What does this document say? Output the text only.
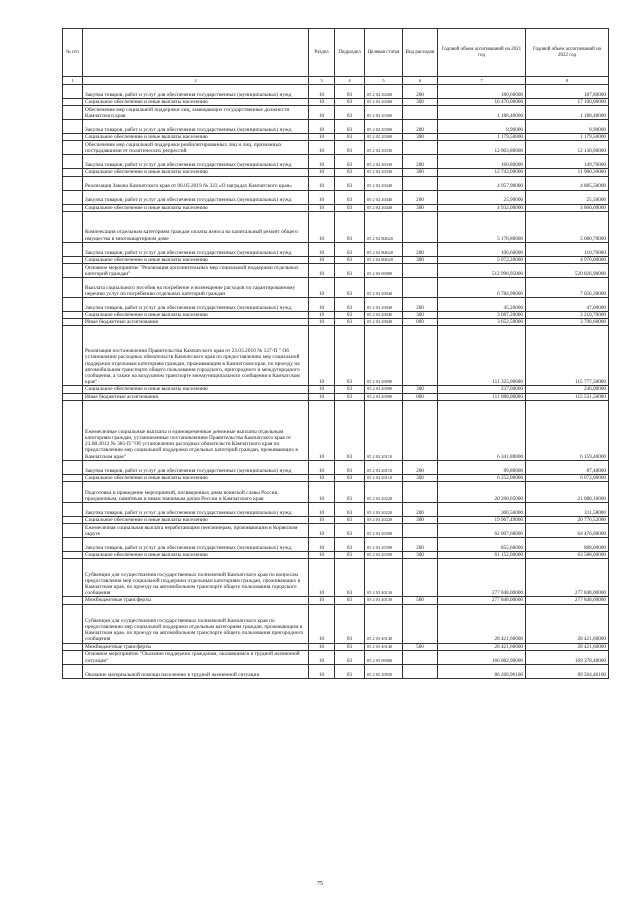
№ п/п		Раздел	Подраздел	Целевая статья	Вид расходов	Годовой объем ассигнований на 2021 год	Годовой объем ассигнований на 2022 год
1	2	3	4	5	6	7	8
	Закупка товаров, работ и услуг для обеспечения государственных (муниципальных) нужд	10	03	05 2 02 20260	200	180,60000	187,80000
	Социальное обеспечение и иные выплаты населению	10	03	05 2 02 20260	300	16 470,00000	17 100,00000
	Обеспечение мер социальной поддержки лиц, замещающих государственные должности Камчатского края	10	03	05 2 02 20300		1 188,40000	1 188,40000
	Закупка товаров, работ и услуг для обеспечения государственных (муниципальных) нужд	10	03	05 2 02 20300	200	8,90000	8,90000
	Социальное обеспечение и иные выплаты населению	10	03	05 2 02 20300	300	1 179,50000	1 179,50000
	Обеспечение мер социальной поддержки реабилитированных лиц и лиц, признанных пострадавшими от политических репрессий	10	03	05 2 02 20330		12 903,80000	12 130,00000
	Закупка товаров, работ и услуг для обеспечения государственных (муниципальных) нужд	10	03	05 2 02 20330	200	160,80000	149,70000
	Социальное обеспечение и иные выплаты населению	10	03	05 2 02 20330	300	12 743,00000	11 980,30000
	Реализация Закона Камчатского края от 06.05.2019 № 323 «О наградах Камчатского края»	10	03	05 2 02 20440		4 957,90000	4 885,50000
	Закупка товаров, работ и услуг для обеспечения государственных (муниципальных) нужд	10	03	05 2 02 20440	200	25,90000	25,50000
	Социальное обеспечение и иные выплаты населению	10	03	05 2 02 20440	300	4 932,00000	4 860,00000
	Компенсация отдельным категориям граждан оплаты взноса на капитальный ремонт общего имущества в многоквартирном доме	10	03	05 2 02 R4620		5 178,80000	5 080,70000
	Закупка товаров, работ и услуг для обеспечения государственных (муниципальных) нужд	10	03	05 2 02 R4620	200	106,60000	110,70000
	Социальное обеспечение и иные выплаты населению	10	03	05 2 02 R4620	300	5 072,20000	4 970,00000
	Основное мероприятие "Реализация дополнительных мер социальной поддержки отдельных категорий граждан"	10	03	05 2 03 00000		512 996,95000	520 826,90000
	Выплата социального пособия на погребение и возмещение расходов по гарантированному перечню услуг по погребению отдельных категорий граждан	10	03	05 2 03 20040		6 784,90000	7 056,30000
	Закупка товаров, работ и услуг для обеспечения государственных (муниципальных) нужд	10	03	05 2 03 20040	200	45,20000	47,00000
	Социальное обеспечение и иные выплаты населению	10	03	05 2 03 20040	300	3 087,20000	3 210,70000
	Иные бюджетные ассигнования	10	03	05 2 03 20040	800	3 652,50000	3 798,60000
	Реализация постановления Правительства Камчатского края от 23.03.2010 № 127-П " Об установлении расходных обязательств Камчатского края по предоставлению мер социальной поддержки отдельным категориям граждан, проживающим в Камчатском крае, по проезду на автомобильном транспорте общего пользования городского, пригородного и междугородного сообщения, а также на воздушном транспорте межмуниципального сообщения в Камчатском крае"	10	03	05 2 03 20090		111 325,00000	115 777,50000
	Социальное обеспечение и иные выплаты населению	10	03	05 2 03 20090	300	237,00000	246,00000
	Иные бюджетные ассигнования	10	03	05 2 03 20090	800	111 088,00000	115 531,50000
	Ежемесячные социальные выплаты и единовременные денежные выплаты отдельным категориям граждан, установленные постановлением Правительства Камчатского края от 23.08.2012 № 385-П "Об установлении расходных обязательств Камчатского края по предоставлению мер социальной поддержки отдельных категорий граждан, проживающих в Камчатском крае"	10	03	05 2 03 20110		6 341,80000	6 159,40000
	Закупка товаров, работ и услуг для обеспечения государственных (муниципальных) нужд	10	03	05 2 03 20110	200	89,80000	87,40000
	Социальное обеспечение и иные выплаты населению	10	03	05 2 03 20110	300	6 252,00000	6 072,00000
	Подготовка и проведение мероприятий, посвященных дням воинской славы России, праздничным, памятным и иным значимым датам России и Камчатского края	10	03	05 2 03 20220		20 268,05000	21 088,10000
	Закупка товаров, работ и услуг для обеспечения государственных (муниципальных) нужд	10	03	05 2 03 20220	200	300,56000	311,58000
	Социальное обеспечение и иные выплаты населению	10	03	05 2 03 20220	300	19 967,49000	20 776,52000
	Ежемесячная социальная выплата неработающим пенсионерам, проживающим в Корякском округе	10	03	05 2 03 20390		62 007,60000	64 476,00000
	Закупка товаров, работ и услуг для обеспечения государственных (муниципальных) нужд	10	03	05 2 03 20390	200	855,60000	888,00000
	Социальное обеспечение и иные выплаты населению	10	03	05 2 03 20390	300	61 152,00000	63 588,00000
	Субвенции для осуществления государственных полномочий Камчатского края по вопросам предоставления мер социальной поддержки отдельным категориям граждан, проживающих в Камчатском крае, по проезду на автомобильном транспорте общего пользования городского сообщения	10	03	05 2 03 40130		277 848,00000	277 848,00000
	Межбюджетные трансферты	10	03	05 2 03 40130	500	277 848,00000	277 848,00000
	Субвенции для осуществления государственных полномочий Камчатского края по предоставлению мер социальной поддержки отдельным категориям граждан, проживающим в Камчатском крае, по проезду на автомобильном транспорте общего пользования пригородного сообщения	10	03	05 2 03 40140		28 421,60000	28 421,60000
	Межбюджетные трансферты	10	03	05 2 03 40140	500	28 421,60000	28 421,60000
	Основное мероприятие "Оказание поддержки гражданам, оказавшимся в трудной жизненной ситуации"	10	03	05 2 05 00000		166 082,90000	169 378,40000
	Оказание материальной помощи населению в трудной жизненной ситуации	10	03	05 2 05 20050		86 268,96100	89 564,46100
75
